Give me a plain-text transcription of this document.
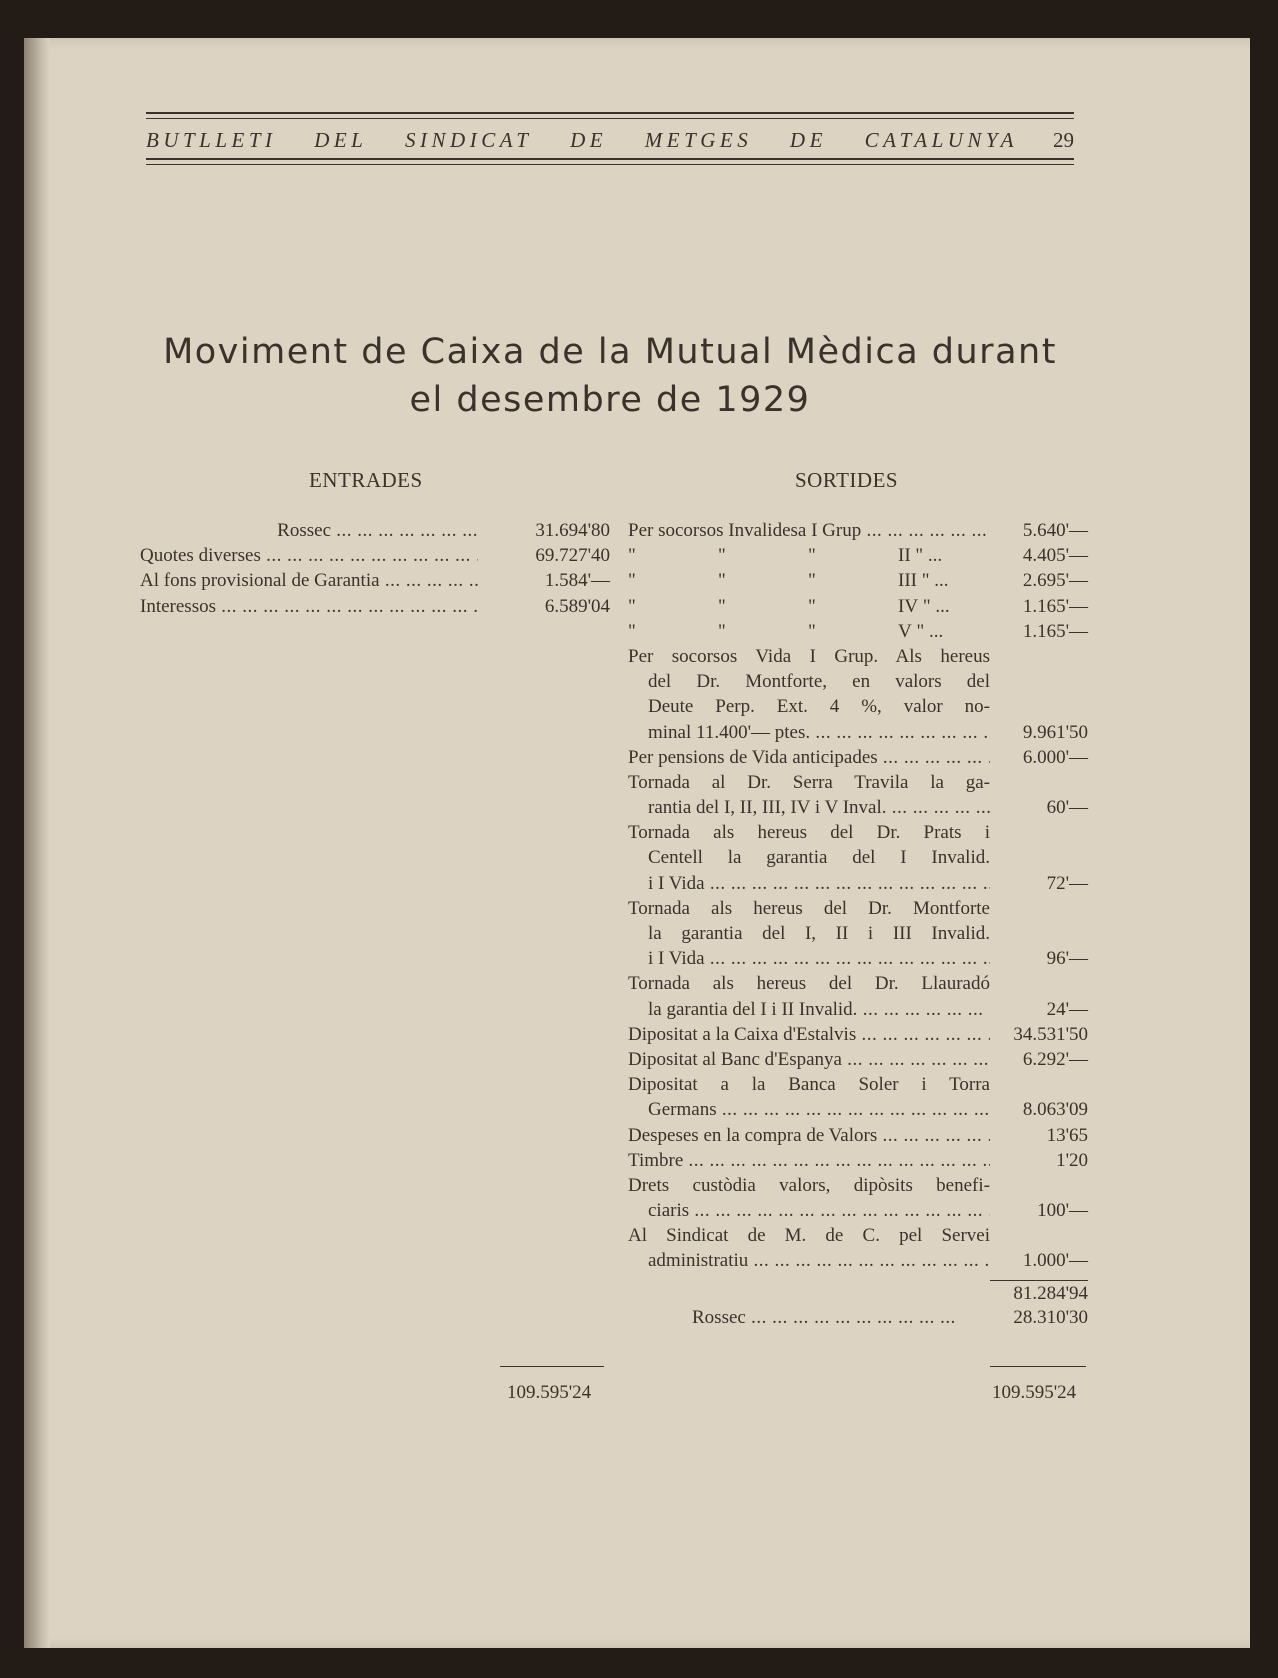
BUTLLETI DEL SINDICAT DE METGES DE CATALUNYA 29
Moviment de Caixa de la Mutual Mèdica durant
el desembre de 1929
ENTRADES	SORTIDES
Rossec ... ... ... ... ... ... ...	31.694'80
Quotes diverses ... .	69.727'40
Al fons provisional de Garantia ... .	1.584'—
Interessos ... .	6.589'04
109.595'24
Per socorsos Invalidesa I Grup ... .	5.640'—
"	"	"	II " ...	4.405'—
"	"	"	III " ...	2.695'—
"	"	"	IV " ...	1.165'—
"	"	"	V " ...	1.165'—
Per socorsos Vida I Grup. Als hereus
del Dr. Montforte, en valors del
Deute Perp. Ext. 4 %, valor no-
minal 11.400'— ptes. ... .	9.961'50
Per pensions de Vida anticipades ... .	6.000'—
Tornada al Dr. Serra Travila la ga-
rantia del I, II, III, IV i V Inval. ... .	60'—
Tornada als hereus del Dr. Prats i
Centell la garantia del I Invalid.
i I Vida ... .	72'—
Tornada als hereus del Dr. Montforte
la garantia del I, II i III Invalid.
i I Vida ... .	96'—
Tornada als hereus del Dr. Llauradó
la garantia del I i II Invalid. ... .	24'—
Dipositat a la Caixa d'Estalvis ... .	34.531'50
Dipositat al Banc d'Espanya ... .	6.292'—
Dipositat a la Banca Soler i Torra
Germans ... .	8.063'09
Despeses en la compra de Valors ... .	13'65
Timbre ... .	1'20
Drets custòdia valors, dipòsits benefi-
ciaris ... .	100'—
Al Sindicat de M. de C. pel Servei
administratiu ... .	1.000'—
81.284'94
Rossec ... ... ... ... ... ... ... ... ... ...	28.310'30
109.595'24
